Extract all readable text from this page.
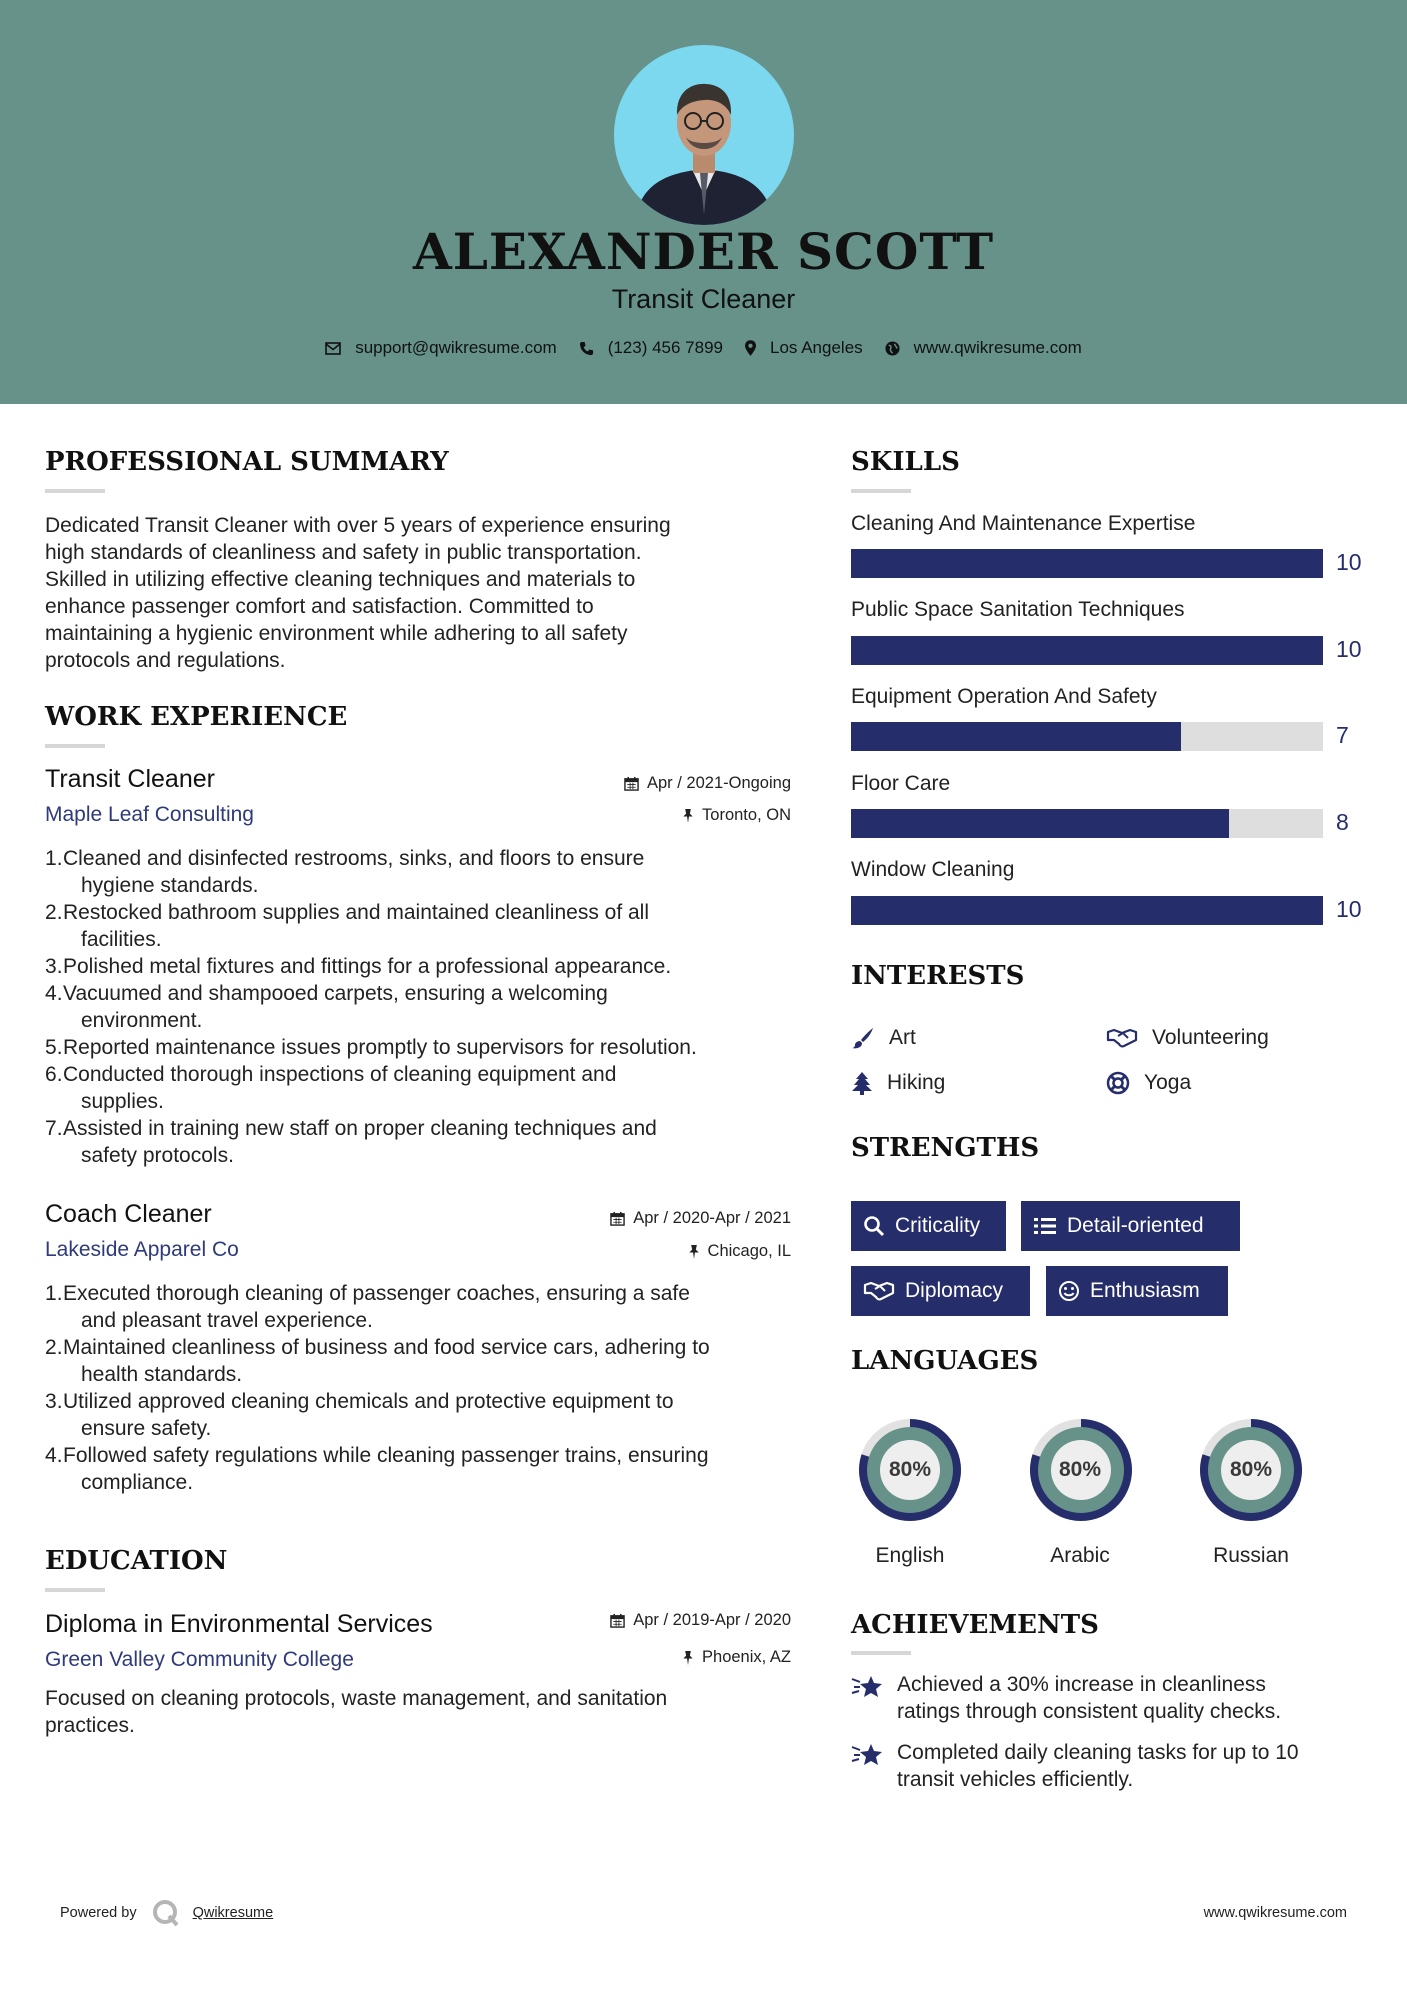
ALEXANDER SCOTT
Transit Cleaner
support@qwikresume.com	(123) 456 7899	Los Angeles	www.qwikresume.com
PROFESSIONAL SUMMARY
Dedicated Transit Cleaner with over 5 years of experience ensuring
high standards of cleanliness and safety in public transportation.
Skilled in utilizing effective cleaning techniques and materials to
enhance passenger comfort and satisfaction. Committed to
maintaining a hygienic environment while adhering to all safety
protocols and regulations.
WORK EXPERIENCE
Transit Cleaner	Apr / 2021-Ongoing
Maple Leaf Consulting	Toronto, ON
Cleaned and disinfected restrooms, sinks, and floors to ensure
hygiene standards.
Restocked bathroom supplies and maintained cleanliness of all
facilities.
Polished metal fixtures and fittings for a professional appearance.
Vacuumed and shampooed carpets, ensuring a welcoming
environment.
Reported maintenance issues promptly to supervisors for resolution.
Conducted thorough inspections of cleaning equipment and
supplies.
Assisted in training new staff on proper cleaning techniques and
safety protocols.
Coach Cleaner	Apr / 2020-Apr / 2021
Lakeside Apparel Co	Chicago, IL
Executed thorough cleaning of passenger coaches, ensuring a safe
and pleasant travel experience.
Maintained cleanliness of business and food service cars, adhering to
health standards.
Utilized approved cleaning chemicals and protective equipment to
ensure safety.
Followed safety regulations while cleaning passenger trains, ensuring
compliance.
EDUCATION
Diploma in Environmental Services	Apr / 2019-Apr / 2020
Green Valley Community College	Phoenix, AZ
Focused on cleaning protocols, waste management, and sanitation
practices.
SKILLS
Cleaning And Maintenance Expertise
10
Public Space Sanitation Techniques
10
Equipment Operation And Safety
7
Floor Care
8
Window Cleaning
10
INTERESTS
Art	Volunteering
Hiking	Yoga
STRENGTHS
Criticality	Detail-oriented
Diplomacy	Enthusiasm
LANGUAGES
80%	80%	80%
English	Arabic	Russian
ACHIEVEMENTS
Achieved a 30% increase in cleanliness
ratings through consistent quality checks.
Completed daily cleaning tasks for up to 10
transit vehicles efficiently.
Powered by	Qwikresume	www.qwikresume.com
